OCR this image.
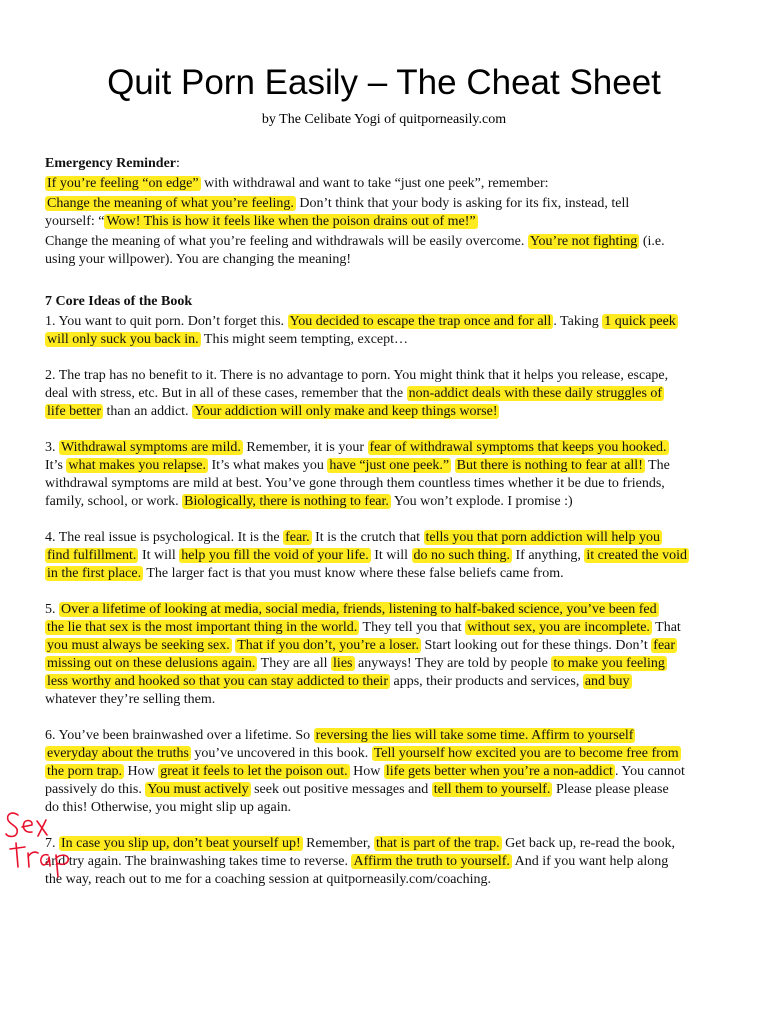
Quit Porn Easily – The Cheat Sheet
by The Celibate Yogi of quitporneasily.com
Emergency Reminder:
If you’re feeling “on edge” with withdrawal and want to take “just one peek”, remember:
Change the meaning of what you’re feeling. Don’t think that your body is asking for its fix, instead, tell
yourself: “ Wow! This is how it feels like when the poison drains out of me!”
Change the meaning of what you’re feeling and withdrawals will be easily overcome. You’re not fighting (i.e.
using your willpower). You are changing the meaning!
7 Core Ideas of the Book
1. You want to quit porn. Don’t forget this. You decided to escape the trap once and for all . Taking 1 quick peek
will only suck you back in. This might seem tempting, except…
2. The trap has no benefit to it. There is no advantage to porn. You might think that it helps you release, escape,
deal with stress, etc. But in all of these cases, remember that the non-addict deals with these daily struggles of
life better than an addict. Your addiction will only make and keep things worse!
3. Withdrawal symptoms are mild. Remember, it is your fear of withdrawal symptoms that keeps you hooked.
It’s what makes you relapse. It’s what makes you have “just one peek.” But there is nothing to fear at all! The
withdrawal symptoms are mild at best. You’ve gone through them countless times whether it be due to friends,
family, school, or work. Biologically, there is nothing to fear. You won’t explode. I promise :)
4. The real issue is psychological. It is the fear. It is the crutch that tells you that porn addiction will help you
find fulfillment. It will help you fill the void of your life. It will do no such thing. If anything, it created the void
in the first place. The larger fact is that you must know where these false beliefs came from.
5. Over a lifetime of looking at media, social media, friends, listening to half-baked science, you’ve been fed
the lie that sex is the most important thing in the world. They tell you that without sex, you are incomplete. That
you must always be seeking sex. That if you don’t, you’re a loser. Start looking out for these things. Don’t fear
missing out on these delusions again. They are all lies anyways! They are told by people to make you feeling
less worthy and hooked so that you can stay addicted to their apps, their products and services, and buy
whatever they’re selling them.
6. You’ve been brainwashed over a lifetime. So reversing the lies will take some time. Affirm to yourself
everyday about the truths you’ve uncovered in this book. Tell yourself how excited you are to become free from
the porn trap. How great it feels to let the poison out. How life gets better when you’re a non-addict . You cannot
passively do this. You must actively seek out positive messages and tell them to yourself. Please please please
do this! Otherwise, you might slip up again.
7. In case you slip up, don’t beat yourself up! Remember, that is part of the trap. Get back up, re-read the book,
and try again. The brainwashing takes time to reverse. Affirm the truth to yourself. And if you want help along
the way, reach out to me for a coaching session at quitporneasily.com/coaching.
